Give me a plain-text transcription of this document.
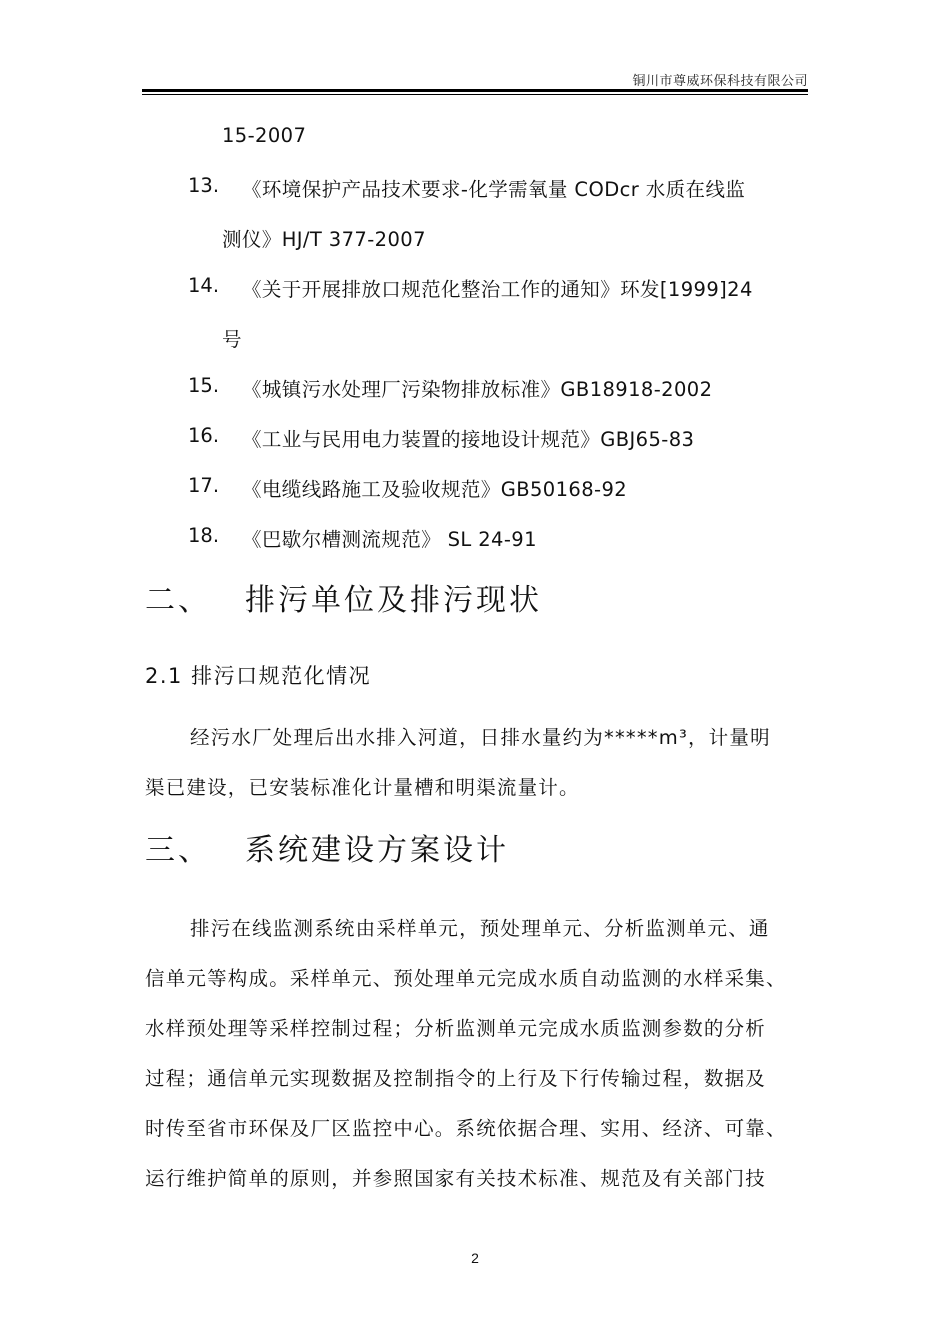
铜川市尊威环保科技有限公司
15-2007
13. 《环境保护产品技术要求-化学需氧量 CODcr 水质在线监
测仪》HJ/T 377-2007
14. 《关于开展排放口规范化整治工作的通知》环发[1999]24
号
15. 《城镇污水处理厂污染物排放标准》GB18918-2002
16. 《工业与民用电力装置的接地设计规范》GBJ65-83
17. 《电缆线路施工及验收规范》GB50168-92
18. 《巴歇尔槽测流规范》 SL 24-91
二、 排污单位及排污现状
2.1 排污口规范化情况
经污水厂处理后出水排入河道，日排水量约为*****m³，计量明
渠已建设，已安装标准化计量槽和明渠流量计。
三、 系统建设方案设计
排污在线监测系统由采样单元，预处理单元、分析监测单元、通
信单元等构成。采样单元、预处理单元完成水质自动监测的水样采集、
水样预处理等采样控制过程；分析监测单元完成水质监测参数的分析
过程；通信单元实现数据及控制指令的上行及下行传输过程，数据及
时传至省市环保及厂区监控中心。系统依据合理、实用、经济、可靠、
运行维护简单的原则，并参照国家有关技术标准、规范及有关部门技
2
